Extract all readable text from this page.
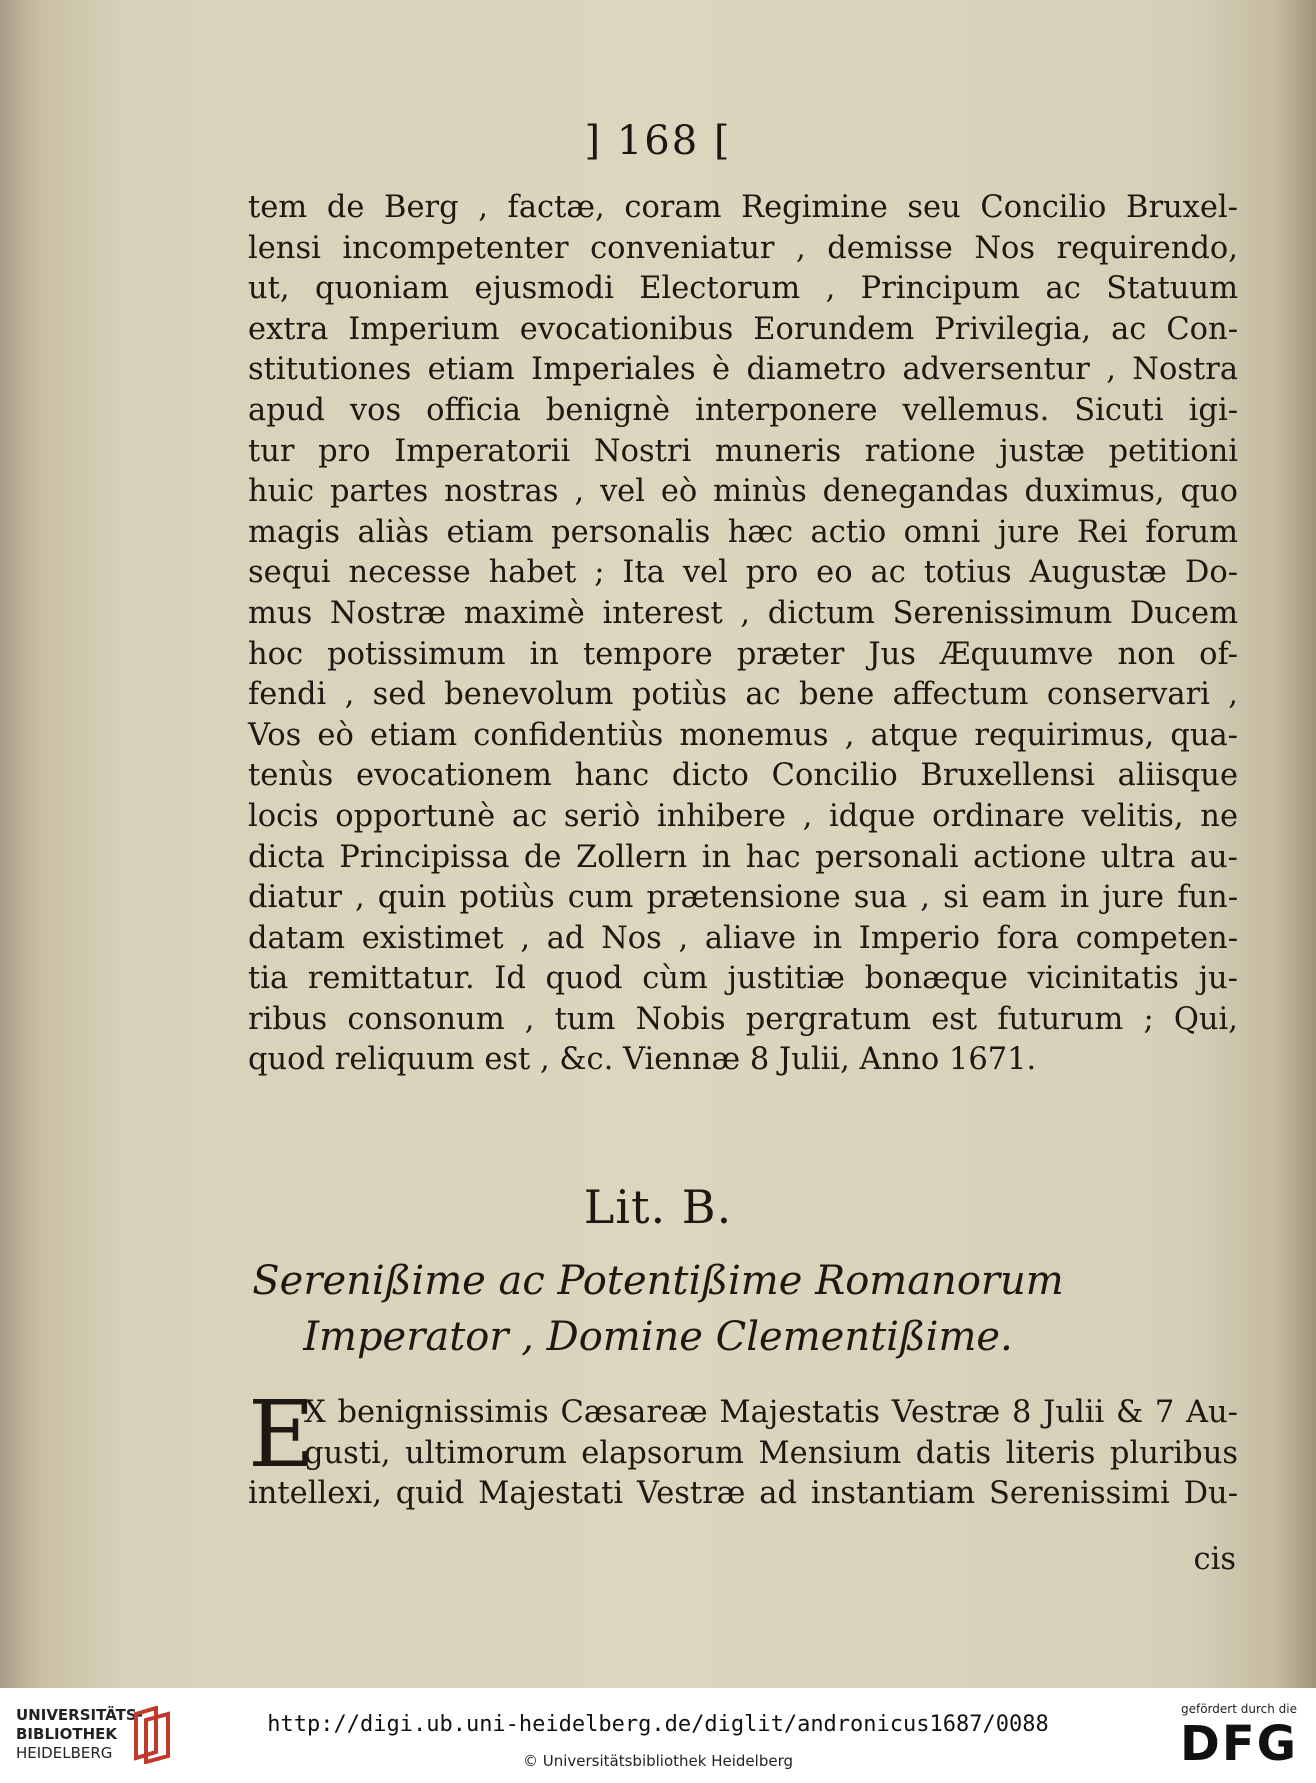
] 168 [
tem de Berg , factæ, coram Regimine seu Concilio Bruxel-
lensi incompetenter conveniatur , demisse Nos requirendo,
ut, quoniam ejusmodi Electorum , Principum ac Statuum
extra Imperium evocationibus Eorundem Privilegia, ac Con-
stitutiones etiam Imperiales è diametro adversentur , Nostra
apud vos officia benignè interponere vellemus. Sicuti igi-
tur pro Imperatorii Nostri muneris ratione justæ petitioni
huic partes nostras , vel eò minùs denegandas duximus, quo
magis aliàs etiam personalis hæc actio omni jure Rei forum
sequi necesse habet ; Ita vel pro eo ac totius Augustæ Do-
mus Nostræ maximè interest , dictum Serenissimum Ducem
hoc potissimum in tempore præter Jus Æquumve non of-
fendi , sed benevolum potiùs ac bene affectum conservari ,
Vos eò etiam confidentiùs monemus , atque requirimus, qua-
tenùs evocationem hanc dicto Concilio Bruxellensi aliisque
locis opportunè ac seriò inhibere , idque ordinare velitis, ne
dicta Principissa de Zollern in hac personali actione ultra au-
diatur , quin potiùs cum prætensione sua , si eam in jure fun-
datam existimet , ad Nos , aliave in Imperio fora competen-
tia remittatur. Id quod cùm justitiæ bonæque vicinitatis ju-
ribus consonum , tum Nobis pergratum est futurum ; Qui,
quod reliquum est , &c. Viennæ 8 Julii, Anno 1671.
Lit. B.
Serenißime ac Potentißime Romanorum
Imperator , Domine Clementißime.
E
X benignissimis Cæsareæ Majestatis Vestræ 8 Julii & 7 Au-
gusti, ultimorum elapsorum Mensium datis literis pluribus
intellexi, quid Majestati Vestræ ad instantiam Serenissimi Du-
cis
UNIVERSITÄTS-
BIBLIOTHEK
HEIDELBERG
http://digi.ub.uni-heidelberg.de/diglit/andronicus1687/0088
© Universitätsbibliothek Heidelberg
gefördert durch die
DFG
